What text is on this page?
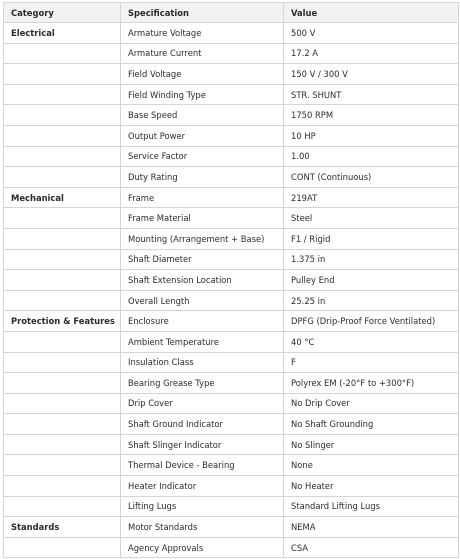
Category	Specification	Value
Electrical	Armature Voltage	500 V
	Armature Current	17.2 A
	Field Voltage	150 V / 300 V
	Field Winding Type	STR. SHUNT
	Base Speed	1750 RPM
	Output Power	10 HP
	Service Factor	1.00
	Duty Rating	CONT (Continuous)
Mechanical	Frame	219AT
	Frame Material	Steel
	Mounting (Arrangement + Base)	F1 / Rigid
	Shaft Diameter	1.375 in
	Shaft Extension Location	Pulley End
	Overall Length	25.25 in
Protection & Features	Enclosure	DPFG (Drip-Proof Force Ventilated)
	Ambient Temperature	40 °C
	Insulation Class	F
	Bearing Grease Type	Polyrex EM (-20°F to +300°F)
	Drip Cover	No Drip Cover
	Shaft Ground Indicator	No Shaft Grounding
	Shaft Slinger Indicator	No Slinger
	Thermal Device - Bearing	None
	Heater Indicator	No Heater
	Lifting Lugs	Standard Lifting Lugs
Standards	Motor Standards	NEMA
	Agency Approvals	CSA
